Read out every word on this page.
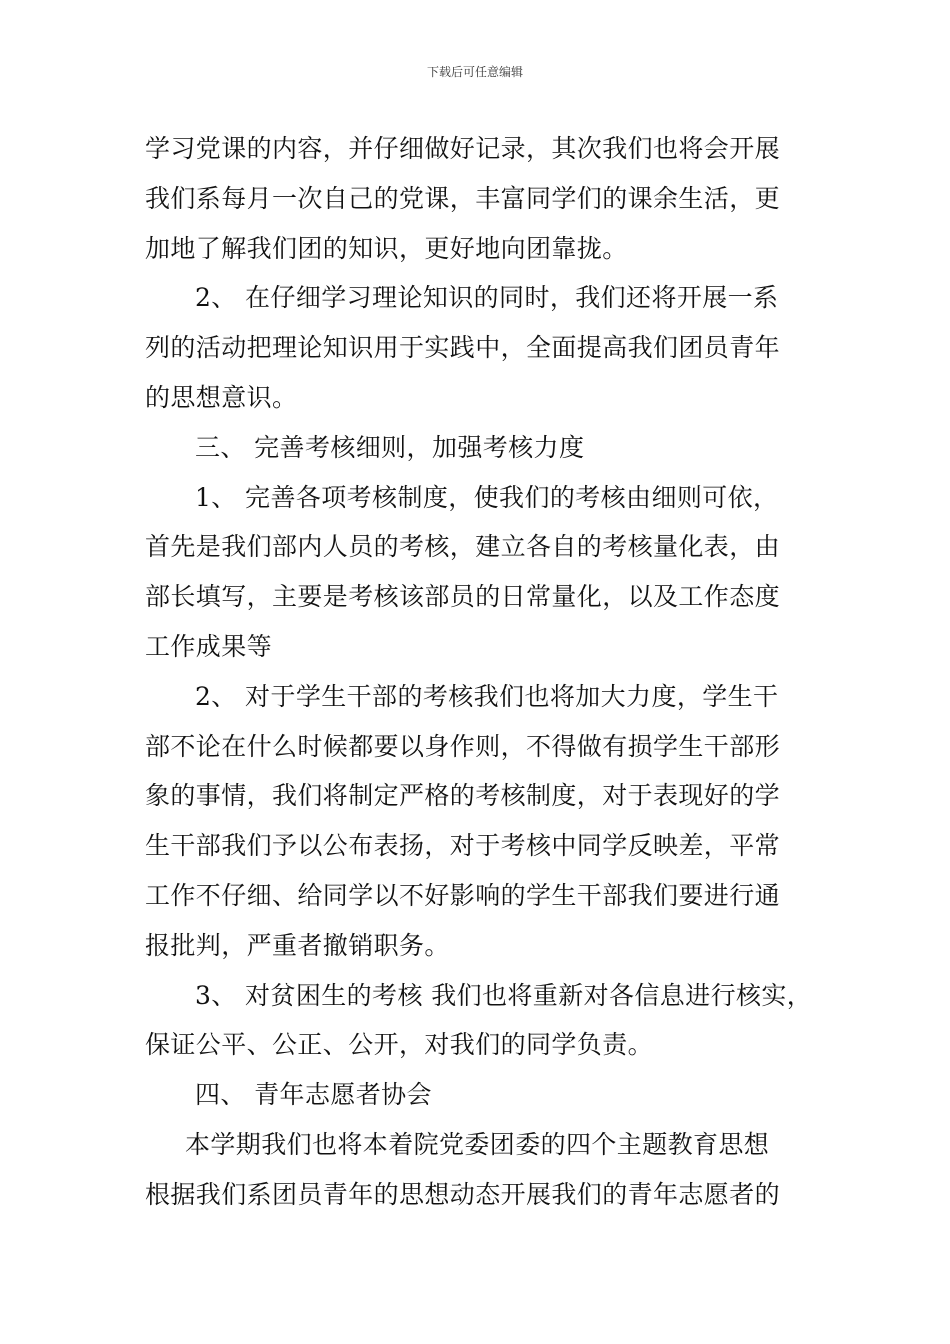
下载后可任意编辑
学习党课的内容，并仔细做好记录，其次我们也将会开展
我们系每月一次自己的党课，丰富同学们的课余生活，更
加地了解我们团的知识，更好地向团靠拢。
2、 在仔细学习理论知识的同时，我们还将开展一系
列的活动把理论知识用于实践中，全面提高我们团员青年
的思想意识。
三、 完善考核细则，加强考核力度
1、 完善各项考核制度，使我们的考核由细则可依，
首先是我们部内人员的考核，建立各自的考核量化表，由
部长填写，主要是考核该部员的日常量化，以及工作态度
工作成果等
2、 对于学生干部的考核我们也将加大力度，学生干
部不论在什么时候都要以身作则，不得做有损学生干部形
象的事情，我们将制定严格的考核制度，对于表现好的学
生干部我们予以公布表扬，对于考核中同学反映差，平常
工作不仔细、给同学以不好影响的学生干部我们要进行通
报批判，严重者撤销职务。
3、 对贫困生的考核 我们也将重新对各信息进行核实，
保证公平、公正、公开，对我们的同学负责。
四、 青年志愿者协会
本学期我们也将本着院党委团委的四个主题教育思想
根据我们系团员青年的思想动态开展我们的青年志愿者的
